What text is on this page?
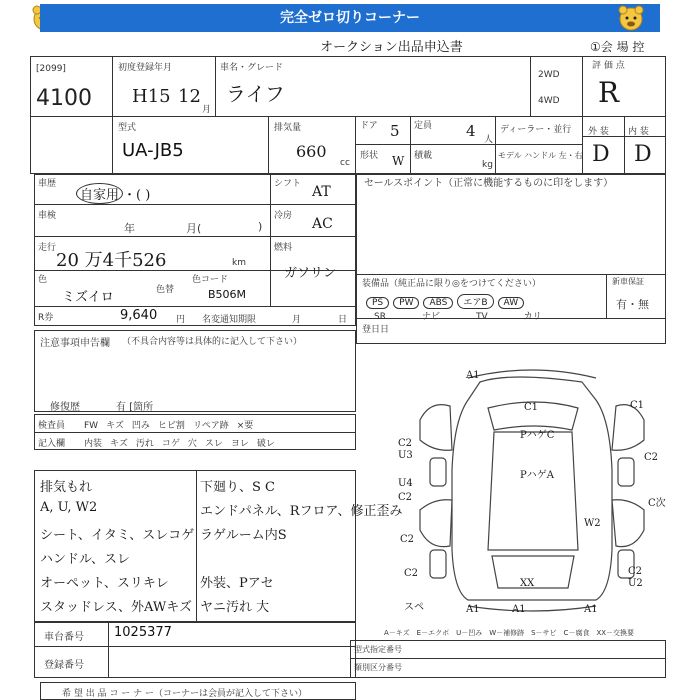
完全ゼロ切りコーナー
オークション出品申込書	①会 場 控
[2099]
4100
初度登録年月
H15 12
月
車名・グレード
ライフ
2WD
4WD
評 価 点
R
外 装 内 装
D D
型式
UA-JB5
排気量
660
cc
ドア 5 定員 4 人
ディーラー・並行
形状 W 積載
kg
モデル ハンドル 左・右
車歴
自家用 ・( )
シフト AT
車検
年	月(	)
冷房 AC
走行
20 万4千526	km
燃料
ガソリン
色
ミズイロ	色替
色コード
B506M
R券	9,640 円 名変通知期限	月	日
セールスポイント（正常に機能するものに印をします）
装備品（純正品に限り◎をつけてください）	新車保証
PS PW ABS エアB AW
SR	ナビ	TV	カリ
有・無
登日日
注意事項申告欄 （不具合内容等は具体的に記入して下さい）
修復歴	有 [箇所
検査員
記入欄
FW キズ 凹み ヒビ割 リペア跡 ×要
内装 キズ 汚れ コゲ 穴 スレ ヨレ 破レ
排気もれ
A, U, W2
シート、イタミ、スレコゲ
ハンドル、スレ
オーペット、スリキレ
スタッドレス、外AWキズ
下廻り、S C
エンドパネル、Rフロア、修正歪み
ラゲルーム内S
外装、Pアセ
ヤニ汚れ 大
車台番号 1025377
登録番号
希 望 出 品 コ ー ナ ー（コーナーは会員が記入して下さい）
A1
C1	C1
PハゲC
C2
U3	C2
PハゲA
U4
C2
C次
W2
C2
C2	C2
U2
XX
A1	A1	A1
スペ
A－キズ　E－エクボ　U－凹み　W－補修跡　S－サビ　C－腐食　XX－交換要
型式指定番号
類別区分番号
